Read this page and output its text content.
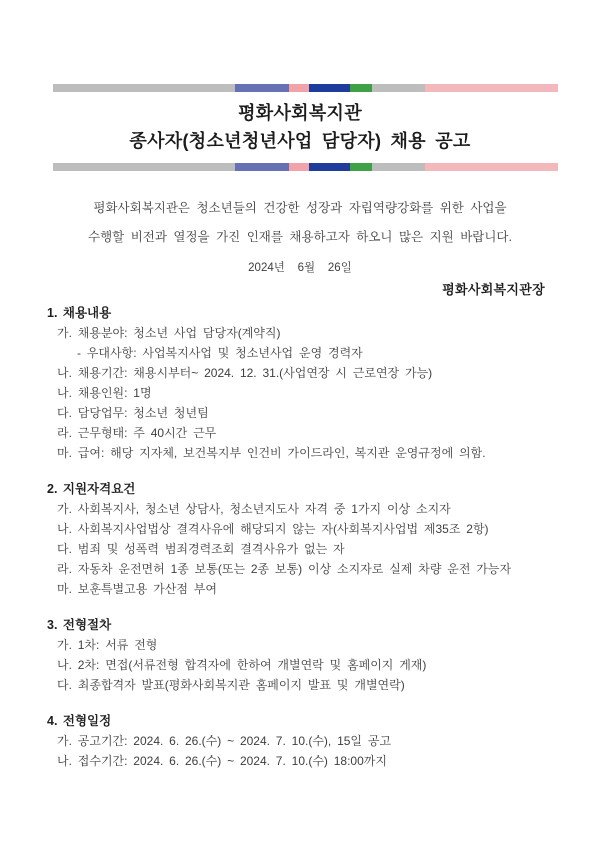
평화사회복지관
종사자(청소년청년사업 담당자) 채용 공고

평화사회복지관은 청소년들의 건강한 성장과 자립역량강화를 위한 사업을

수행할 비전과 열정을 가진 인재를 채용하고자 하오니 많은 지원 바랍니다.

2024년    6월    26일

평화사회복지관장

1. 채용내용

가. 채용분야: 청소년 사업 담당자(계약직)

- 우대사항: 사업복지사업 및 청소년사업 운영 경력자

나. 채용기간: 채용시부터~ 2024. 12. 31.(사업연장 시 근로연장 가능)

나. 채용인원: 1명

다. 담당업무: 청소년 청년팀

라. 근무형태: 주 40시간 근무

마. 급여: 해당 지자체, 보건복지부 인건비 가이드라인, 복지관 운영규정에 의함.

2. 지원자격요건

가. 사회복지사, 청소년 상담사, 청소년지도사 자격 중 1가지 이상 소지자

나. 사회복지사업법상 결격사유에 해당되지 않는 자(사회복지사업법 제35조 2항)

다. 범죄 및 성폭력 범죄경력조회 결격사유가 없는 자

라. 자동차 운전면허 1종 보통(또는 2종 보통) 이상 소지자로 실제 차량 운전 가능자

마. 보훈특별고용 가산점 부여

3. 전형절차

가. 1차: 서류 전형

나. 2차: 면접(서류전형 합격자에 한하여 개별연락 및 홈페이지 게재)

다. 최종합격자 발표(평화사회복지관 홈페이지 발표 및 개별연락)

4. 전형일정

가. 공고기간: 2024. 6. 26.(수) ~ 2024. 7. 10.(수), 15일 공고

나. 접수기간: 2024. 6. 26.(수) ~ 2024. 7. 10.(수) 18:00까지
